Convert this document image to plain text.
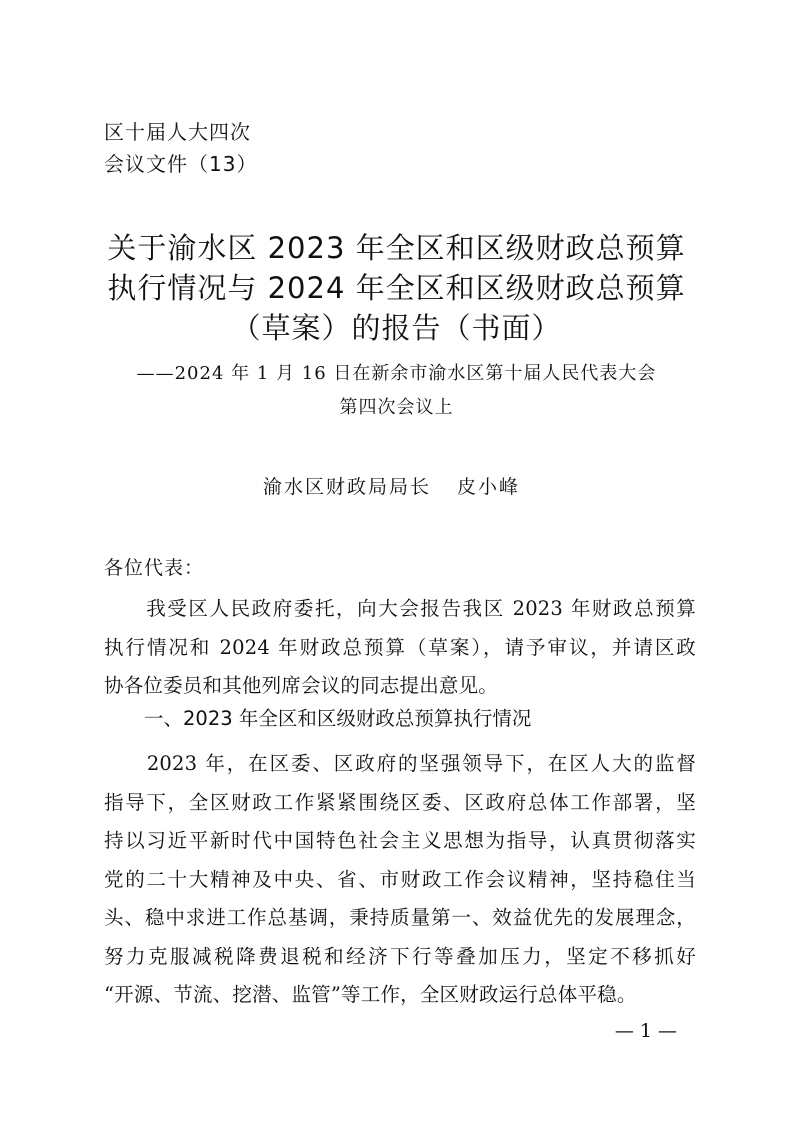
区十届人大四次
会议文件（13）
关于渝水区 2023 年全区和区级财政总预算
执行情况与 2024 年全区和区级财政总预算
（草案）的报告（书面）
——2024 年 1 月 16 日在新余市渝水区第十届人民代表大会
第四次会议上
渝水区财政局局长 皮小峰
各位代表：
　　我受区人民政府委托，向大会报告我区 2023 年财政总预算
执行情况和 2024 年财政总预算（草案），请予审议，并请区政
协各位委员和其他列席会议的同志提出意见。
一、2023 年全区和区级财政总预算执行情况
　　2023 年，在区委、区政府的坚强领导下，在区人大的监督
指导下，全区财政工作紧紧围绕区委、区政府总体工作部署，坚
持以习近平新时代中国特色社会主义思想为指导，认真贯彻落实
党的二十大精神及中央、省、市财政工作会议精神，坚持稳住当
头、稳中求进工作总基调，秉持质量第一、效益优先的发展理念，
努力克服减税降费退税和经济下行等叠加压力，坚定不移抓好
“开源、节流、挖潜、监管”等工作，全区财政运行总体平稳。
— 1 —
